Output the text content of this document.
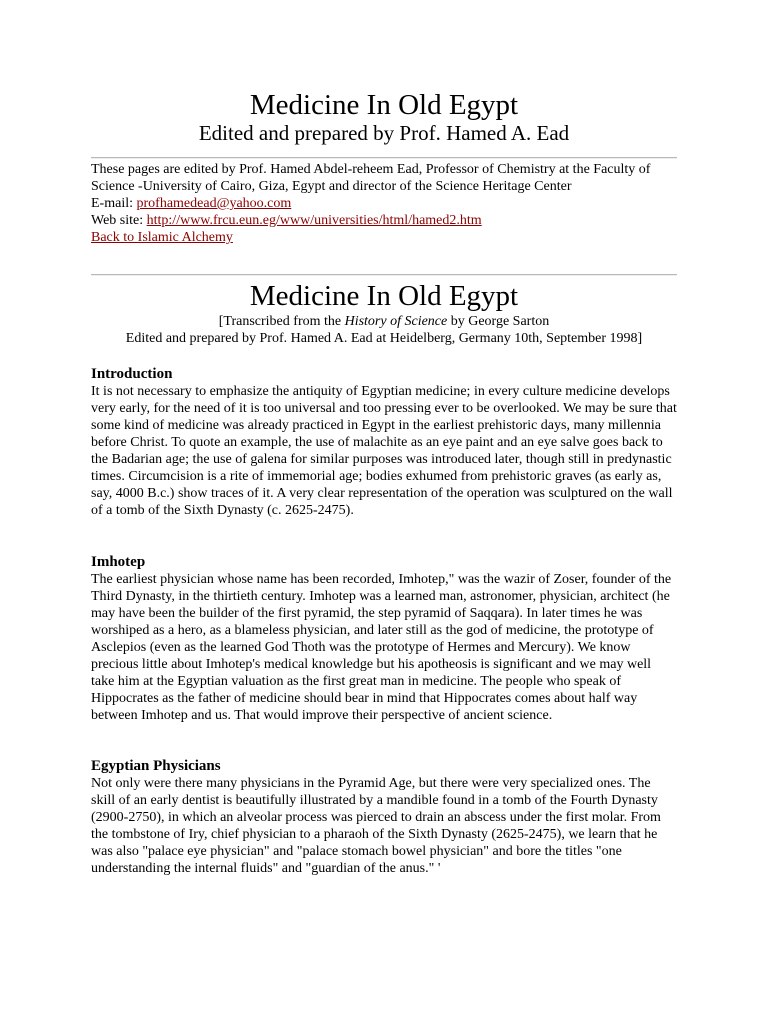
Medicine In Old Egypt
Edited and prepared by Prof. Hamed A. Ead

These pages are edited by Prof. Hamed Abdel-reheem Ead, Professor of Chemistry at the Faculty of Science -University of Cairo, Giza, Egypt and director of the Science Heritage Center

E-mail: profhamedead@yahoo.com

Web site: http://www.frcu.eun.eg/www/universities/html/hamed2.htm

Back to Islamic Alchemy

Medicine In Old Egypt

[Transcribed from the History of Science by George Sarton

Edited and prepared by Prof. Hamed A. Ead at Heidelberg, Germany 10th, September 1998]

Introduction

It is not necessary to emphasize the antiquity of Egyptian medicine; in every culture medicine develops very early, for the need of it is too universal and too pressing ever to be overlooked. We may be sure that some kind of medicine was already practiced in Egypt in the earliest prehistoric days, many millennia before Christ. To quote an example, the use of malachite as an eye paint and an eye salve goes back to the Badarian age; the use of galena for similar purposes was introduced later, though still in predynastic times. Circumcision is a rite of immemorial age; bodies exhumed from prehistoric graves (as early as, say, 4000 B.c.) show traces of it. A very clear representation of the operation was sculptured on the wall of a tomb of the Sixth Dynasty (c. 2625-2475).

Imhotep

The earliest physician whose name has been recorded, Imhotep," was the wazir of Zoser, founder of the Third Dynasty, in the thirtieth century. Imhotep was a learned man, astronomer, physician, architect (he may have been the builder of the first pyramid, the step pyramid of Saqqara). In later times he was worshiped as a hero, as a blameless physician, and later still as the god of medicine, the prototype of Asclepios (even as the learned God Thoth was the prototype of Hermes and Mercury). We know precious little about Imhotep's medical knowledge but his apotheosis is significant and we may well take him at the Egyptian valuation as the first great man in medicine. The people who speak of Hippocrates as the father of medicine should bear in mind that Hippocrates comes about half way between Imhotep and us. That would improve their perspective of ancient science.

Egyptian Physicians

Not only were there many physicians in the Pyramid Age, but there were very specialized ones. The skill of an early dentist is beautifully illustrated by a mandible found in a tomb of the Fourth Dynasty (2900-2750), in which an alveolar process was pierced to drain an abscess under the first molar. From the tombstone of Iry, chief physician to a pharaoh of the Sixth Dynasty (2625-2475), we learn that he was also "palace eye physician" and "palace stomach bowel physician" and bore the titles "one understanding the internal fluids" and "guardian of the anus." '
